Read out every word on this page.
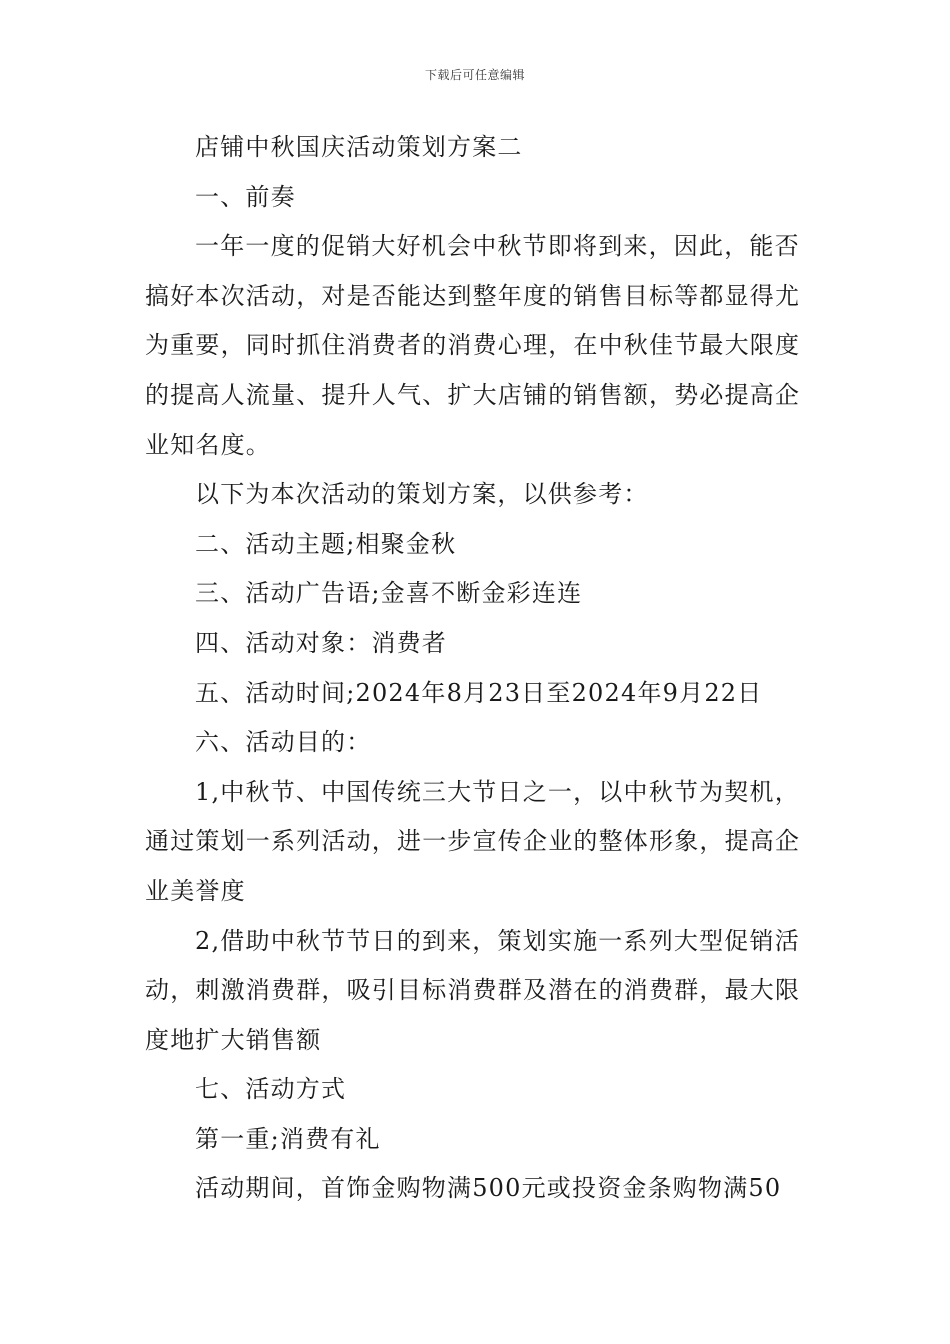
下载后可任意编辑

店铺中秋国庆活动策划方案二

一、前奏

一年一度的促销大好机会中秋节即将到来，因此，能否搞好本次活动，对是否能达到整年度的销售目标等都显得尤为重要，同时抓住消费者的消费心理，在中秋佳节最大限度的提高人流量、提升人气、扩大店铺的销售额，势必提高企业知名度。

以下为本次活动的策划方案，以供参考：

二、活动主题;相聚金秋

三、活动广告语;金喜不断金彩连连

四、活动对象：消费者

五、活动时间;2024年8月23日至2024年9月22日

六、活动目的：

1,中秋节、中国传统三大节日之一，以中秋节为契机，通过策划一系列活动，进一步宣传企业的整体形象，提高企业美誉度

2,借助中秋节节日的到来，策划实施一系列大型促销活动，刺激消费群，吸引目标消费群及潜在的消费群，最大限度地扩大销售额

七、活动方式

第一重;消费有礼

活动期间，首饰金购物满500元或投资金条购物满50
